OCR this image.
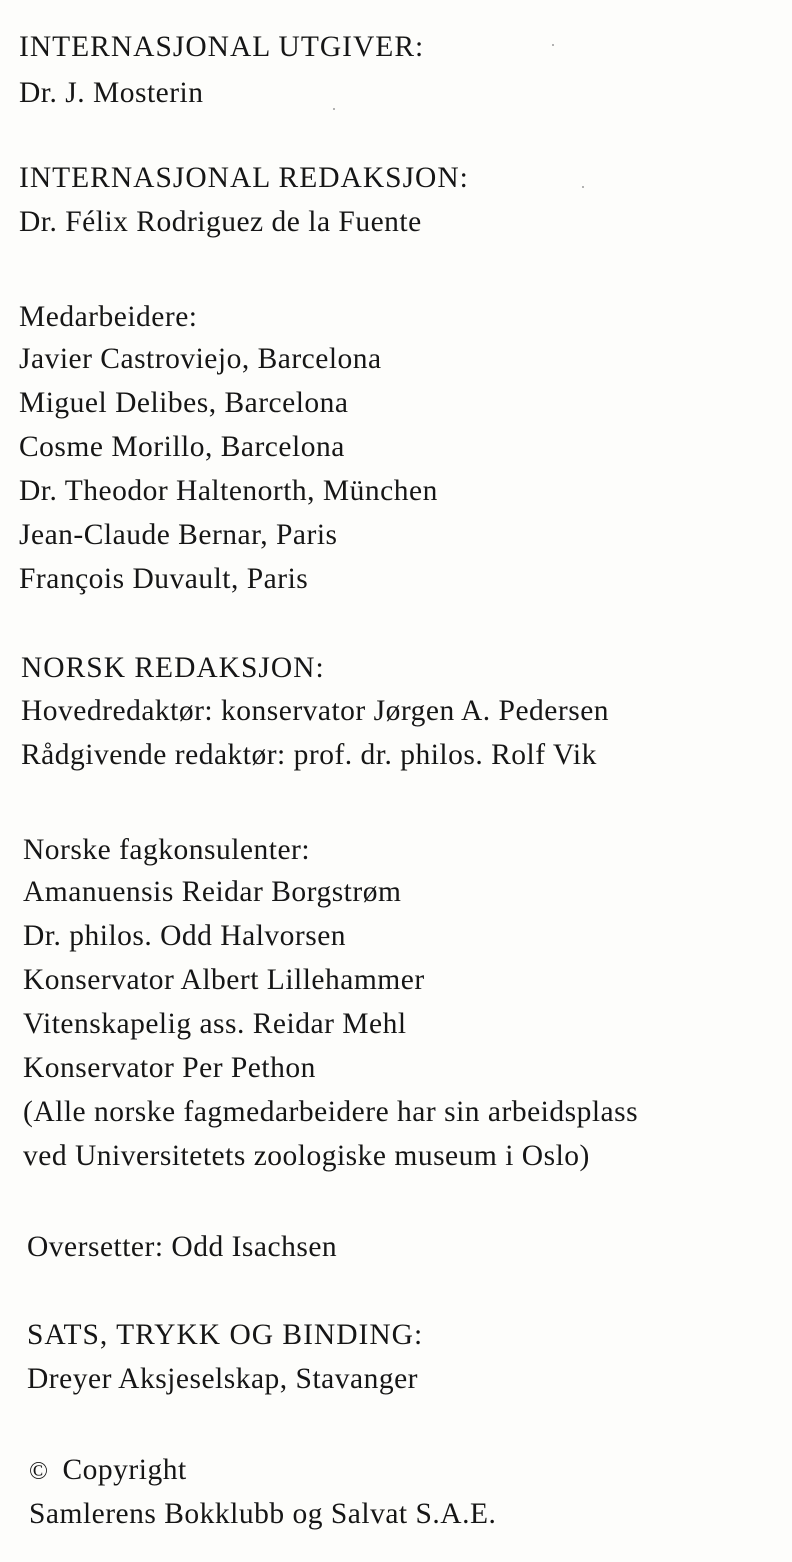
INTERNASJONAL UTGIVER:
Dr. J. Mosterin
INTERNASJONAL REDAKSJON:
Dr. Félix Rodriguez de la Fuente
Medarbeidere:
Javier Castroviejo, Barcelona
Miguel Delibes, Barcelona
Cosme Morillo, Barcelona
Dr. Theodor Haltenorth, München
Jean-Claude Bernar, Paris
François Duvault, Paris
NORSK REDAKSJON:
Hovedredaktør: konservator Jørgen A. Pedersen
Rådgivende redaktør: prof. dr. philos. Rolf Vik
Norske fagkonsulenter:
Amanuensis Reidar Borgstrøm
Dr. philos. Odd Halvorsen
Konservator Albert Lillehammer
Vitenskapelig ass. Reidar Mehl
Konservator Per Pethon
(Alle norske fagmedarbeidere har sin arbeidsplass
ved Universitetets zoologiske museum i Oslo)
Oversetter: Odd Isachsen
SATS, TRYKK OG BINDING:
Dreyer Aksjeselskap, Stavanger
© Copyright
Samlerens Bokklubb og Salvat S.A.E.
